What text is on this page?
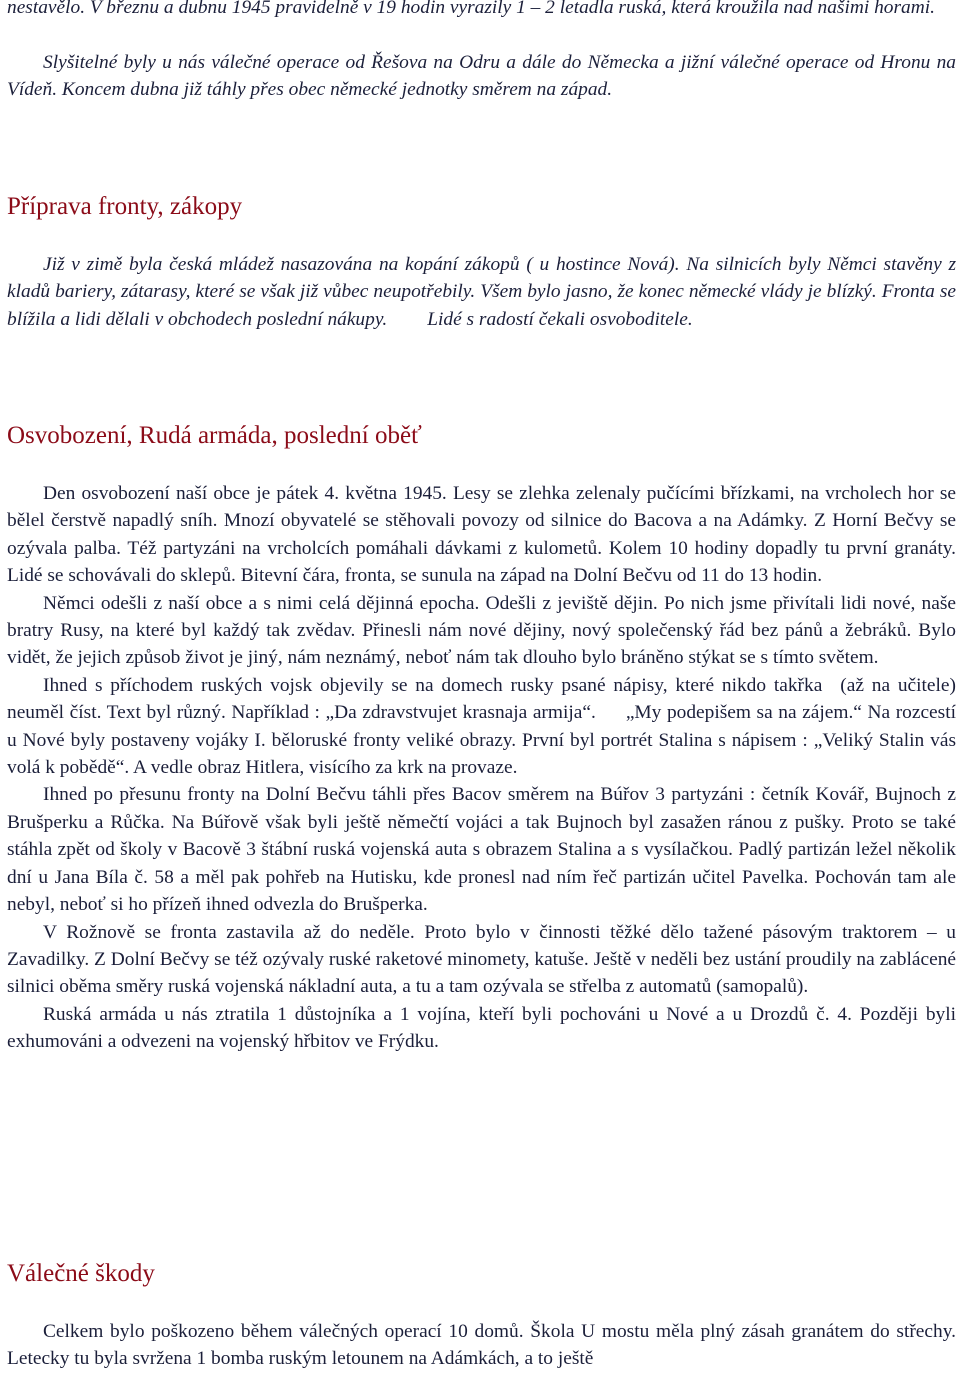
nestavělo. V březnu a dubnu 1945 pravidelně v 19 hodin vyrazily 1 – 2 letadla ruská, která kroužila nad našimi horami.

Slyšitelné byly u nás válečné operace od Řešova na Odru a dále do Německa a jižní válečné operace od Hronu na Vídeň. Koncem dubna již táhly přes obec německé jednotky směrem na západ.

Příprava fronty, zákopy

Již v zimě byla česká mládež nasazována na kopání zákopů ( u hostince Nová). Na silnicích byly Němci stavěny z kladů bariery, zátarasy, které se však již vůbec neupotřebily. Všem bylo jasno, že konec německé vlády je blízký. Fronta se blížila a lidi dělali v obchodech poslední nákupy. Lidé s radostí čekali osvoboditele.

Osvobození, Rudá armáda, poslední oběť

Den osvobození naší obce je pátek 4. května 1945. Lesy se zlehka zelenaly pučícími břízkami, na vrcholech hor se bělel čerstvě napadlý sníh. Mnozí obyvatelé se stěhovali povozy od silnice do Bacova a na Adámky. Z Horní Bečvy se ozývala palba. Též partyzáni na vrcholcích pomáhali dávkami z kulometů. Kolem 10 hodiny dopadly tu první granáty. Lidé se schovávali do sklepů. Bitevní čára, fronta, se sunula na západ na Dolní Bečvu od 11 do 13 hodin.

Němci odešli z naší obce a s nimi celá dějinná epocha. Odešli z jeviště dějin. Po nich jsme přivítali lidi nové, naše bratry Rusy, na které byl každý tak zvědav. Přinesli nám nové dějiny, nový společenský řád bez pánů a žebráků. Bylo vidět, že jejich způsob život je jiný, nám neznámý, neboť nám tak dlouho bylo bráněno stýkat se s tímto světem.

Ihned s příchodem ruských vojsk objevily se na domech rusky psané nápisy, které nikdo takřka (až na učitele) neuměl číst. Text byl různý. Například : „Da zdravstvujet krasnaja armija“. „My podepišem sa na zájem.“ Na rozcestí u Nové byly postaveny vojáky I. běloruské fronty veliké obrazy. První byl portrét Stalina s nápisem : „Veliký Stalin vás volá k pobědě“. A vedle obraz Hitlera, visícího za krk na provaze.

Ihned po přesunu fronty na Dolní Bečvu táhli přes Bacov směrem na Búřov 3 partyzáni : četník Kovář, Bujnoch z Brušperku a Růčka. Na Búřově však byli ještě němečtí vojáci a tak Bujnoch byl zasažen ránou z pušky. Proto se také stáhla zpět od školy v Bacově 3 štábní ruská vojenská auta s obrazem Stalina a s vysílačkou. Padlý partizán ležel několik dní u Jana Bíla č. 58 a měl pak pohřeb na Hutisku, kde pronesl nad ním řeč partizán učitel Pavelka. Pochován tam ale nebyl, neboť si ho přízeň ihned odvezla do Brušperka.

V Rožnově se fronta zastavila až do neděle. Proto bylo v činnosti těžké dělo tažené pásovým traktorem – u Zavadilky. Z Dolní Bečvy se též ozývaly ruské raketové minomety, katuše. Ještě v neděli bez ustání proudily na zablácené silnici oběma směry ruská vojenská nákladní auta, a tu a tam ozývala se střelba z automatů (samopalů).

Ruská armáda u nás ztratila 1 důstojníka a 1 vojína, kteří byli pochováni u Nové a u Drozdů č. 4. Později byli exhumováni a odvezeni na vojenský hřbitov ve Frýdku.

Válečné škody

Celkem bylo poškozeno během válečných operací 10 domů. Škola U mostu měla plný zásah granátem do střechy. Letecky tu byla svržena 1 bomba ruským letounem na Adámkách, a to ještě
